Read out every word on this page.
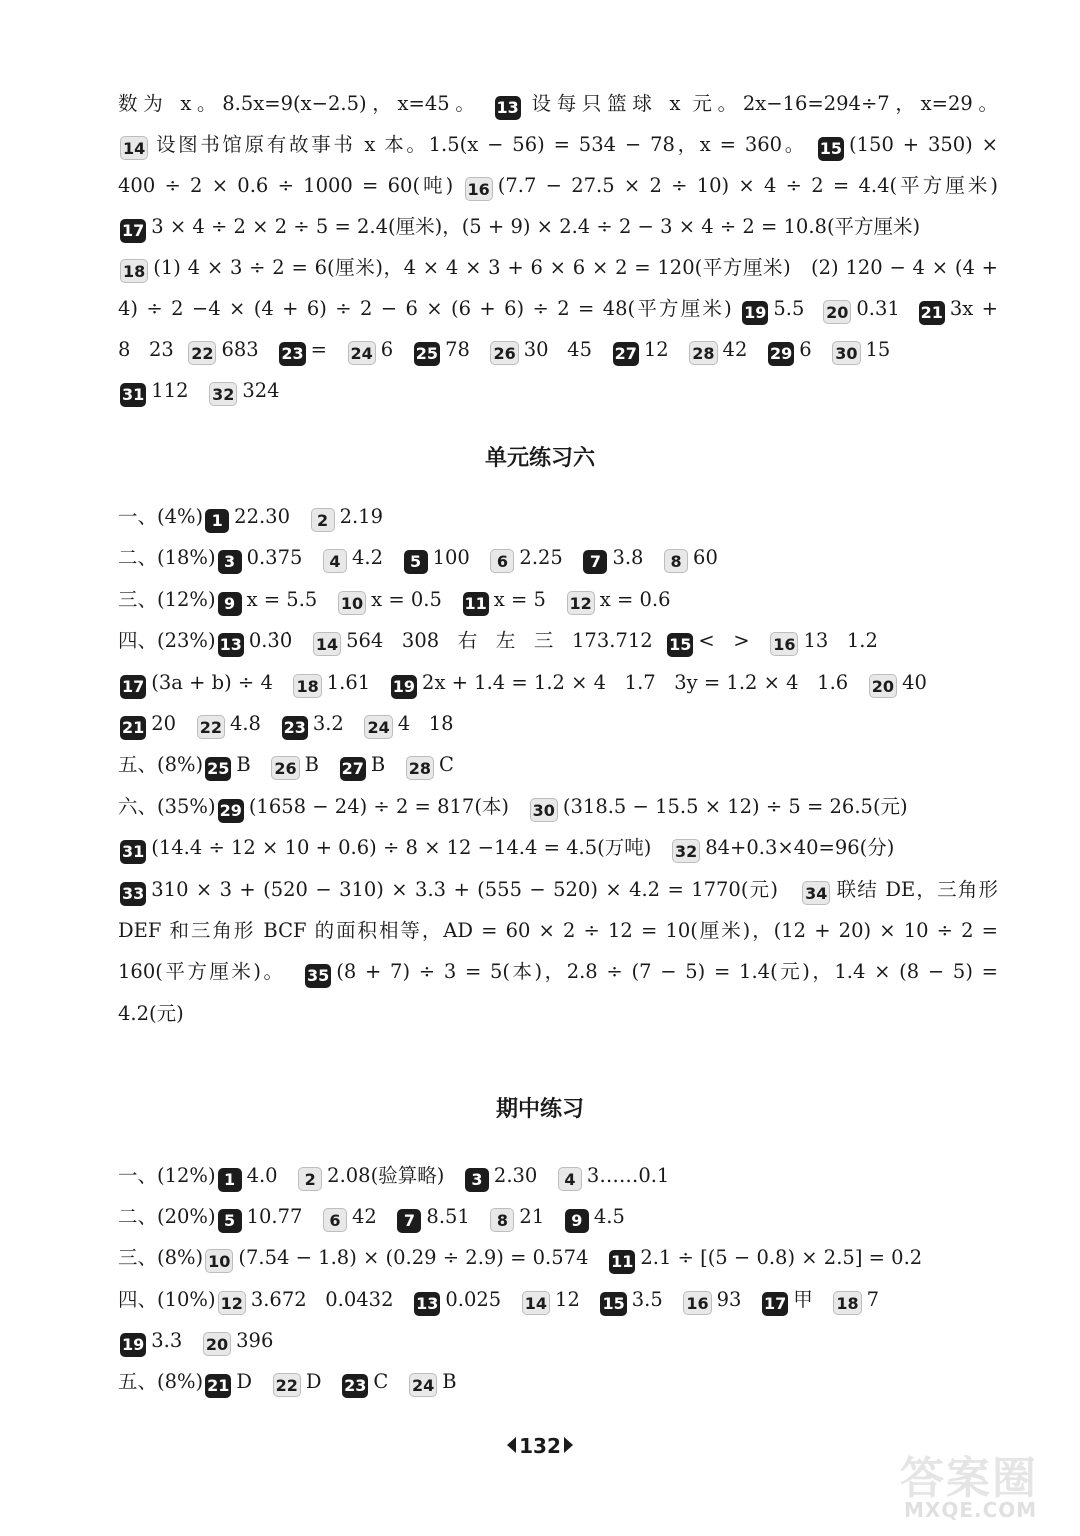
数为 x。8.5x=9(x−2.5)，x=45。 13 设每只篮球 x 元。2x−16=294÷7，x=29。
14 设图书馆原有故事书 x 本。1.5(x − 56) = 534 − 78，x = 360。 15 (150 + 350) ×
400 ÷ 2 × 0.6 ÷ 1000 = 60(吨) 16 (7.7 − 27.5 × 2 ÷ 10) × 4 ÷ 2 = 4.4(平方厘米)
17 3 × 4 ÷ 2 × 2 ÷ 5 = 2.4(厘米)，(5 + 9) × 2.4 ÷ 2 − 3 × 4 ÷ 2 = 10.8(平方厘米)
18 (1) 4 × 3 ÷ 2 = 6(厘米)，4 × 4 × 3 + 6 × 6 × 2 = 120(平方厘米)   (2) 120 − 4 × (4 +
4) ÷ 2 −4 × (4 + 6) ÷ 2 − 6 × (6 + 6) ÷ 2 = 48(平方厘米) 19 5.5  20 0.31  21 3x +
8   23  22 683   23 =   24 6   25 78   26 30   45   27 12   28 42   29 6   30 15
31 112   32 324
单元练习六
一、(4%) 1 22.30   2 2.19
二、(18%) 3 0.375   4 4.2   5 100   6 2.25   7 3.8   8 60
三、(12%) 9 x = 5.5   10 x = 0.5   11 x = 5   12 x = 0.6
四、(23%) 13 0.3̇0̇   14 564   308   右   左   三   173.712  15 <   >   16 13   1.2
17 (3a + b) ÷ 4   18 1.61   19 2x + 1.4 = 1.2 × 4   1.7   3y = 1.2 × 4   1.6   20 40
21 20   22 4.8   23 3.2   24 4   18
五、(8%) 25 B   26 B   27 B   28 C
六、(35%) 29 (1658 − 24) ÷ 2 = 817(本)   30 (318.5 − 15.5 × 12) ÷ 5 = 26.5(元)
31 (14.4 ÷ 12 × 10 + 0.6) ÷ 8 × 12 −14.4 = 4.5(万吨)   32 84+0.3×40=96(分)
33 310 × 3 + (520 − 310) × 3.3 + (555 − 520) × 4.2 = 1770(元)   34 联结 DE，三角形
DEF 和三角形 BCF 的面积相等，AD = 60 × 2 ÷ 12 = 10(厘米)，(12 + 20) × 10 ÷ 2 =
160(平方厘米)。  35 (8 + 7) ÷ 3 = 5(本)，2.8 ÷ (7 − 5) = 1.4(元)，1.4 × (8 − 5) =
4.2(元)
期中练习
一、(12%) 1 4.0   2 2.08(验算略)   3 2.30   4 3……0.1
二、(20%) 5 10.77   6 42   7 8.51   8 21   9 4.5
三、(8%) 10 (7.54 − 1.8) × (0.29 ÷ 2.9) = 0.574   11 2.1 ÷ [(5 − 0.8) × 2.5] = 0.2
四、(10%) 12 3.672   0.0432   13 0.025   14 12   15 3.5   16 93   17 甲   18 7
19 3.3   20 396
五、(8%) 21 D   22 D   23 C   24 B
132
答案圈
MXQE.COM
